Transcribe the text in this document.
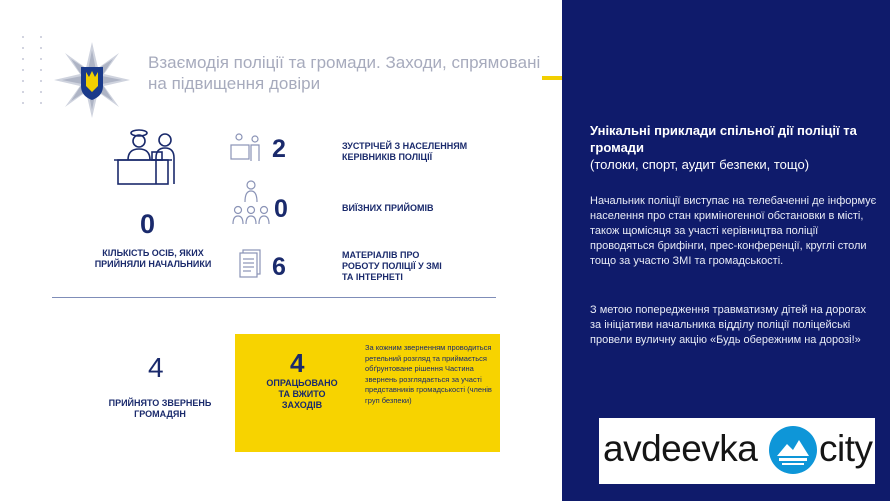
Взаємодія поліції та громади. Заходи, спрямовані на підвищення довіри
0
КІЛЬКІСТЬ ОСІБ, ЯКИХ ПРИЙНЯЛИ НАЧАЛЬНИКИ
2	ЗУСТРІЧЕЙ З НАСЕЛЕННЯМ КЕРІВНИКІВ ПОЛІЦІЇ
0	ВИЇЗНИХ ПРИЙОМІВ
6	МАТЕРІАЛІВ ПРО РОБОТУ ПОЛІЦІЇ У ЗМІ ТА ІНТЕРНЕТІ
4
ПРИЙНЯТО ЗВЕРНЕНЬ ГРОМАДЯН
4
ОПРАЦЬОВАНО ТА ВЖИТО ЗАХОДІВ
За кожним зверненням проводиться ретельний розгляд та приймається обґрунтоване рішення Частина звернень розглядається за участі представників громадськості (членів груп безпеки)
Унікальні приклади спільної дії поліції та громади
(толоки, спорт, аудит безпеки, тощо)
Начальник поліції виступає на телебаченні де інформує населення про стан криміногенної обстановки в місті, також щомісяця за участі керівництва поліції проводяться брифінги, прес-конференції, круглі столи тощо за участю ЗМІ та громадськості.
З метою попередження травматизму дітей на дорогах за ініціативи начальника відділу поліції поліцейські провели вуличну акцію «Будь обережним на дорозі!»
avdeevka city
